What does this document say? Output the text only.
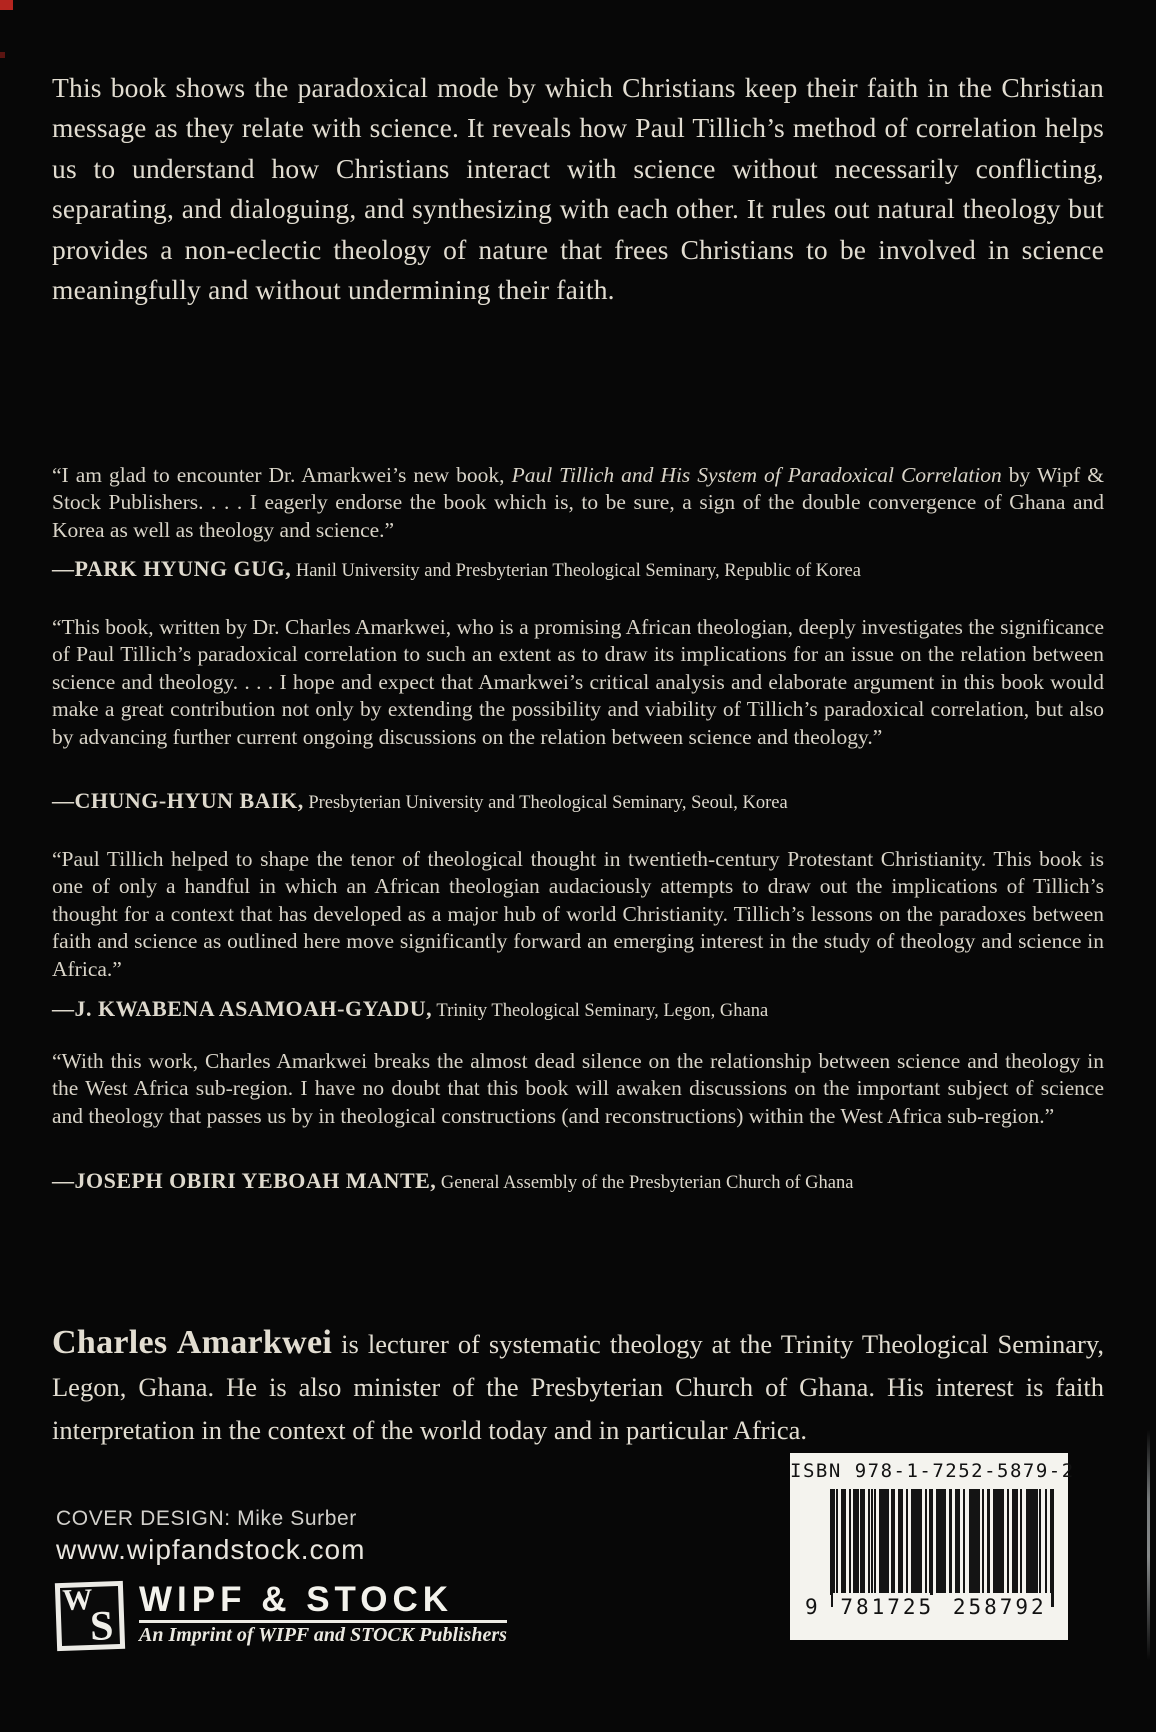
This book shows the paradoxical mode by which Christians keep their faith in the Christian message as they relate with science. It reveals how Paul Tillich’s method of correlation helps us to understand how Christians interact with science without necessarily conflicting, separating, and dialoguing, and synthesizing with each other. It rules out natural theology but provides a non-eclectic theology of nature that frees Christians to be involved in science meaningfully and without undermining their faith.

“I am glad to encounter Dr. Amarkwei’s new book, Paul Tillich and His System of Paradoxical Correlation by Wipf & Stock Publishers. . . . I eagerly endorse the book which is, to be sure, a sign of the double convergence of Ghana and Korea as well as theology and science.”

—PARK HYUNG GUG, Hanil University and Presbyterian Theological Seminary, Republic of Korea

“This book, written by Dr. Charles Amarkwei, who is a promising African theologian, deeply investigates the significance of Paul Tillich’s paradoxical correlation to such an extent as to draw its implications for an issue on the relation between science and theology. . . . I hope and expect that Amarkwei’s critical analysis and elaborate argument in this book would make a great contribution not only by extending the possibility and viability of Tillich’s paradoxical correlation, but also by advancing further current ongoing discussions on the relation between science and theology.”

—CHUNG-HYUN BAIK, Presbyterian University and Theological Seminary, Seoul, Korea

“Paul Tillich helped to shape the tenor of theological thought in twentieth-century Protestant Christianity. This book is one of only a handful in which an African theologian audaciously attempts to draw out the implications of Tillich’s thought for a context that has developed as a major hub of world Christianity. Tillich’s lessons on the paradoxes between faith and science as outlined here move significantly forward an emerging interest in the study of theology and science in Africa.”

—J. KWABENA ASAMOAH-GYADU, Trinity Theological Seminary, Legon, Ghana

“With this work, Charles Amarkwei breaks the almost dead silence on the relationship between science and theology in the West Africa sub-region. I have no doubt that this book will awaken discussions on the important subject of science and theology that passes us by in theological constructions (and reconstructions) within the West Africa sub-region.”

—JOSEPH OBIRI YEBOAH MANTE, General Assembly of the Presbyterian Church of Ghana

Charles Amarkwei is lecturer of systematic theology at the Trinity Theological Seminary, Legon, Ghana. He is also minister of the Presbyterian Church of Ghana. His interest is faith interpretation in the context of the world today and in particular Africa.

COVER DESIGN: Mike Surber
www.wipfandstock.com
W
S
WIPF & STOCK
An Imprint of WIPF and STOCK Publishers
ISBN 978-1-7252-5879-2
9 781725 258792
